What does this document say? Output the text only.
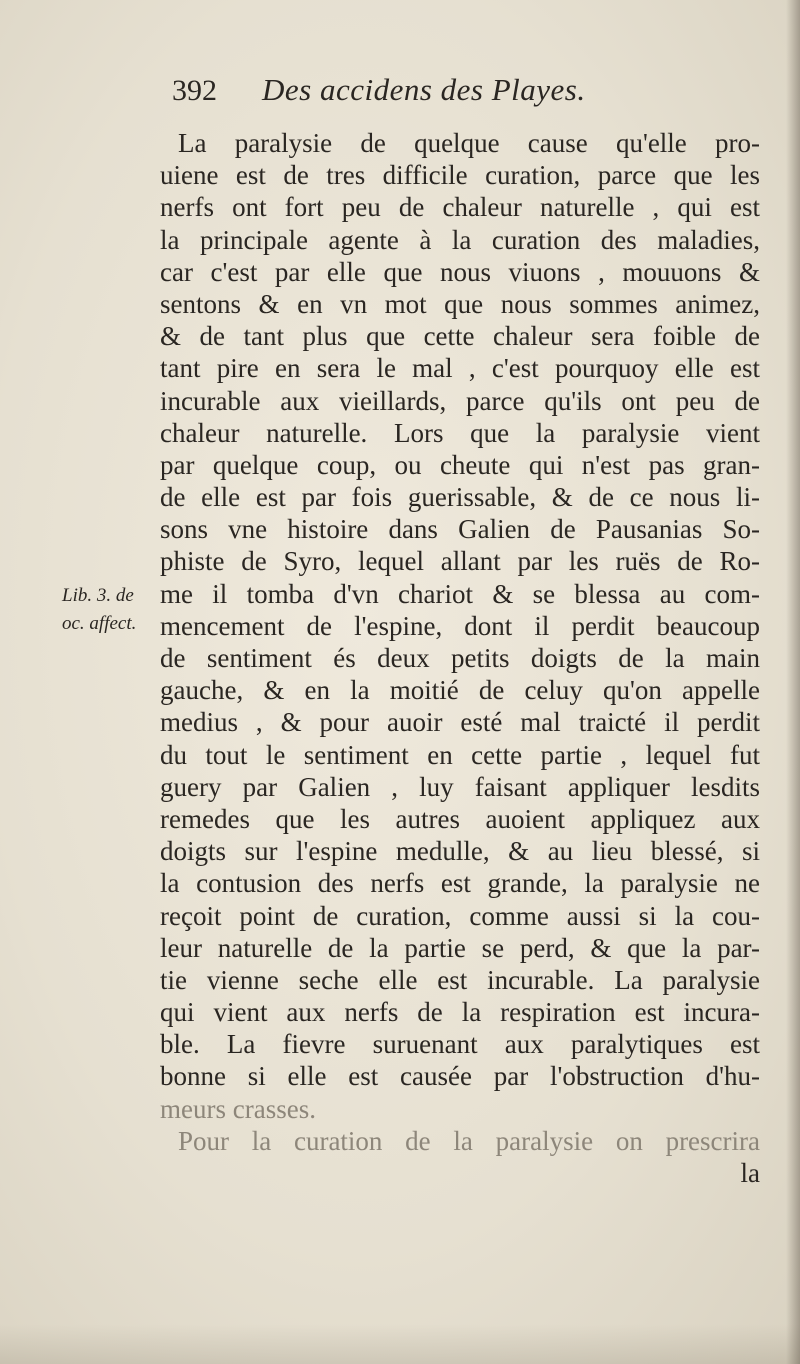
392 Des accidens des Playes.
Lib. 3. de
oc. affect.
La paralysie de quelque cause qu'elle pro-
uiene est de tres difficile curation, parce que les
nerfs ont fort peu de chaleur naturelle , qui est
la principale agente à la curation des maladies,
car c'est par elle que nous viuons , mouuons &
sentons & en vn mot que nous sommes animez,
& de tant plus que cette chaleur sera foible de
tant pire en sera le mal , c'est pourquoy elle est
incurable aux vieillards, parce qu'ils ont peu de
chaleur naturelle. Lors que la paralysie vient
par quelque coup, ou cheute qui n'est pas gran-
de elle est par fois guerissable, & de ce nous li-
sons vne histoire dans Galien de Pausanias So-
phiste de Syro, lequel allant par les ruës de Ro-
me il tomba d'vn chariot & se blessa au com-
mencement de l'espine, dont il perdit beaucoup
de sentiment és deux petits doigts de la main
gauche, & en la moitié de celuy qu'on appelle
medius , & pour auoir esté mal traicté il perdit
du tout le sentiment en cette partie , lequel fut
guery par Galien , luy faisant appliquer lesdits
remedes que les autres auoient appliquez aux
doigts sur l'espine medulle, & au lieu blessé, si
la contusion des nerfs est grande, la paralysie ne
reçoit point de curation, comme aussi si la cou-
leur naturelle de la partie se perd, & que la par-
tie vienne seche elle est incurable. La paralysie
qui vient aux nerfs de la respiration est incura-
ble. La fievre suruenant aux paralytiques est
bonne si elle est causée par l'obstruction d'hu-
meurs crasses.
Pour la curation de la paralysie on prescrira
la
